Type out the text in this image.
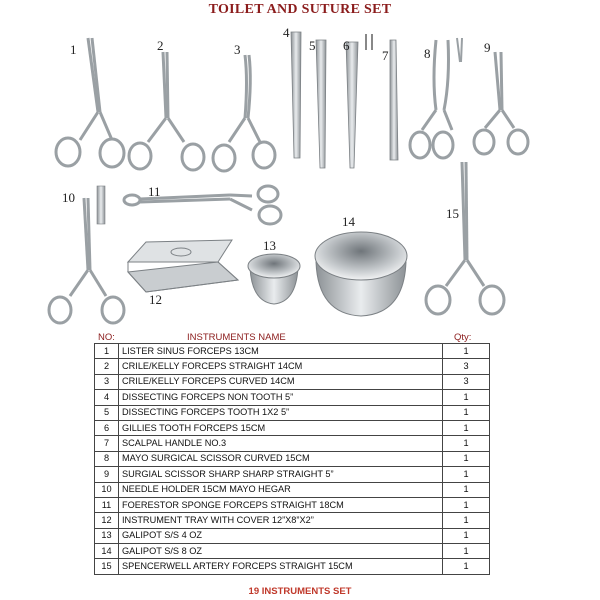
TOILET AND SUTURE SET
1	2	3
4
5 6
7	8	9
10	11
12
13
14
15
NO:	INSTRUMENTS NAME	Qty:
1	LISTER SINUS FORCEPS 13CM	1
2	CRILE/KELLY FORCEPS STRAIGHT 14CM	3
3	CRILE/KELLY FORCEPS CURVED 14CM	3
4	DISSECTING FORCEPS NON TOOTH 5”	1
5	DISSECTING FORCEPS TOOTH 1X2 5”	1
6	GILLIES TOOTH FORCEPS 15CM	1
7	SCALPAL HANDLE NO.3	1
8	MAYO SURGICAL SCISSOR CURVED 15CM	1
9	SURGIAL SCISSOR SHARP SHARP STRAIGHT 5”	1
10	NEEDLE HOLDER 15CM MAYO HEGAR	1
11	FOERESTOR SPONGE FORCEPS STRAIGHT 18CM	1
12	INSTRUMENT TRAY WITH COVER 12”X8”X2”	1
13	GALIPOT S/S 4 OZ	1
14	GALIPOT S/S 8 OZ	1
15	SPENCERWELL ARTERY FORCEPS STRAIGHT 15CM	1
19 INSTRUMENTS SET
